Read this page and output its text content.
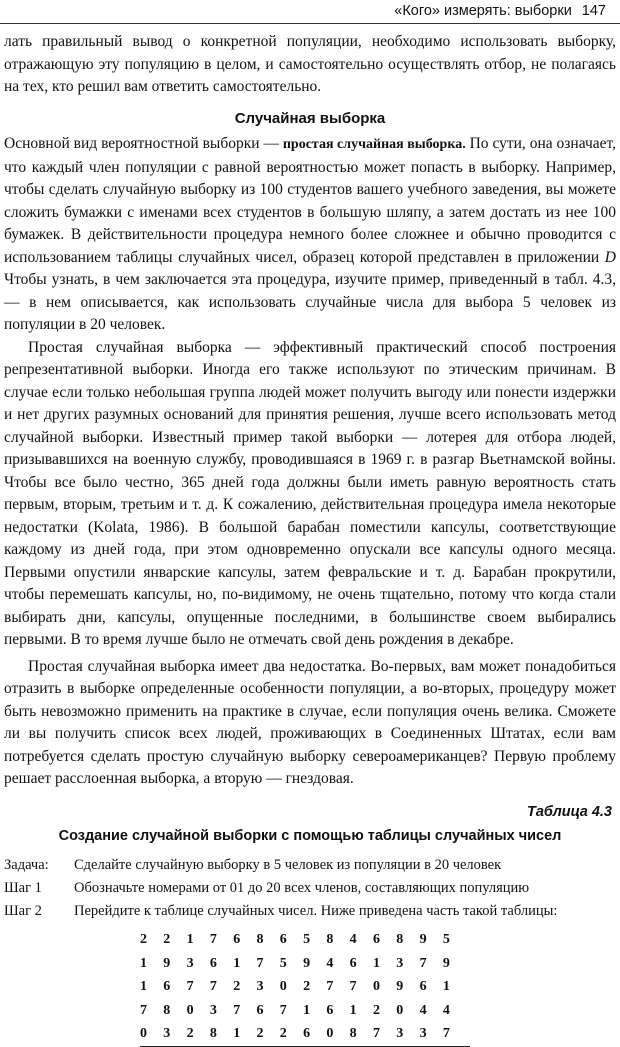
«Кого» измерять: выборки 147

лать правильный вывод о конкретной популяции, необходимо использовать выборку, отражающую эту популяцию в целом, и самостоятельно осуществлять отбор, не полагаясь на тех, кто решил вам ответить самостоятельно.

Случайная выборка

Основной вид вероятностной выборки — простая случайная выборка. По сути, она означает, что каждый член популяции с равной вероятностью может попасть в выборку. Например, чтобы сделать случайную выборку из 100 студентов вашего учебного заведения, вы можете сложить бумажки с именами всех студентов в большую шляпу, а затем достать из нее 100 бумажек. В действительности процедура немного более сложнее и обычно проводится с использованием таблицы случайных чисел, образец которой представлен в приложении D Чтобы узнать, в чем заключается эта процедура, изучите пример, приведенный в табл. 4.3, — в нем описывается, как использовать случайные числа для выбора 5 человек из популяции в 20 человек.

Простая случайная выборка — эффективный практический способ построения репрезентативной выборки. Иногда его также используют по этическим причинам. В случае если только небольшая группа людей может получить выгоду или понести издержки и нет других разумных оснований для принятия решения, лучше всего использовать метод случайной выборки. Известный пример такой выборки — лотерея для отбора людей, призывавшихся на военную службу, проводившаяся в 1969 г. в разгар Вьетнамской войны. Чтобы все было честно, 365 дней года должны были иметь равную вероятность стать первым, вторым, третьим и т. д. К сожалению, действительная процедура имела некоторые недостатки (Kolata, 1986). В большой барабан поместили капсулы, соответствующие каждому из дней года, при этом одновременно опускали все капсулы одного месяца. Первыми опустили январские капсулы, затем февральские и т. д. Барабан прокрутили, чтобы перемешать капсулы, но, по-видимому, не очень тщательно, потому что когда стали выбирать дни, капсулы, опущенные последними, в большинстве своем выбирались первыми. В то время лучше было не отмечать свой день рождения в декабре.

Простая случайная выборка имеет два недостатка. Во-первых, вам может понадобиться отразить в выборке определенные особенности популяции, а во-вторых, процедуру может быть невозможно применить на практике в случае, если популяция очень велика. Сможете ли вы получить список всех людей, проживающих в Соединенных Штатах, если вам потребуется сделать простую случайную выборку североамериканцев? Первую проблему решает расслоенная выборка, а вторую — гнездовая.

Таблица 4.3
Создание случайной выборки с помощью таблицы случайных чисел
Задача:	Сделайте случайную выборку в 5 человек из популяции в 20 человек
Шаг 1	Обозначьте номерами от 01 до 20 всех членов, составляющих популяцию
Шаг 2	Перейдите к таблице случайных чисел. Ниже приведена часть такой таблицы:
2	2	1	7	6	8	6	5	8	4	6	8	9	5
1	9	3	6	1	7	5	9	4	6	1	3	7	9
1	6	7	7	2	3	0	2	7	7	0	9	6	1
7	8	0	3	7	6	7	1	6	1	2	0	4	4
0	3	2	8	1	2	2	6	0	8	7	3	3	7
